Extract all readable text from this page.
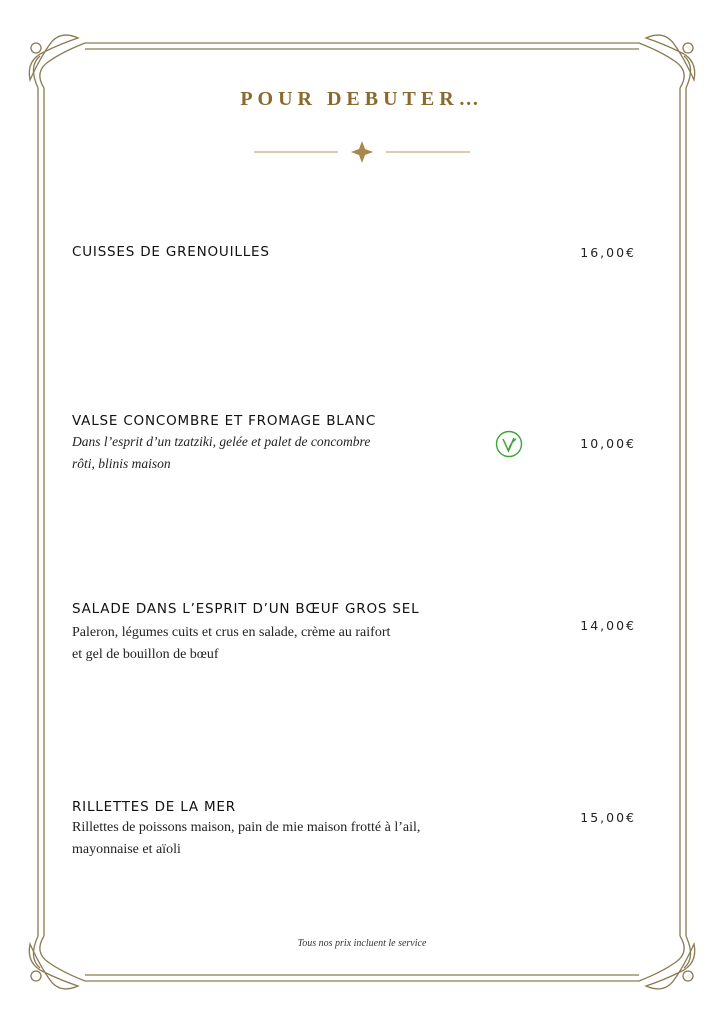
POUR DEBUTER…
CUISSES DE GRENOUILLES	16,00€
VALSE CONCOMBRE ET FROMAGE BLANC
Dans l’esprit d’un tzatziki, gelée et palet de concombre
rôti, blinis maison
10,00€
SALADE DANS L’ESPRIT D’UN BŒUF GROS SEL
Paleron, légumes cuits et crus en salade, crème au raifort
et gel de bouillon de bœuf
14,00€
RILLETTES DE LA MER
Rillettes de poissons maison, pain de mie maison frotté à l’ail,
mayonnaise et aïoli
15,00€
Tous nos prix incluent le service
